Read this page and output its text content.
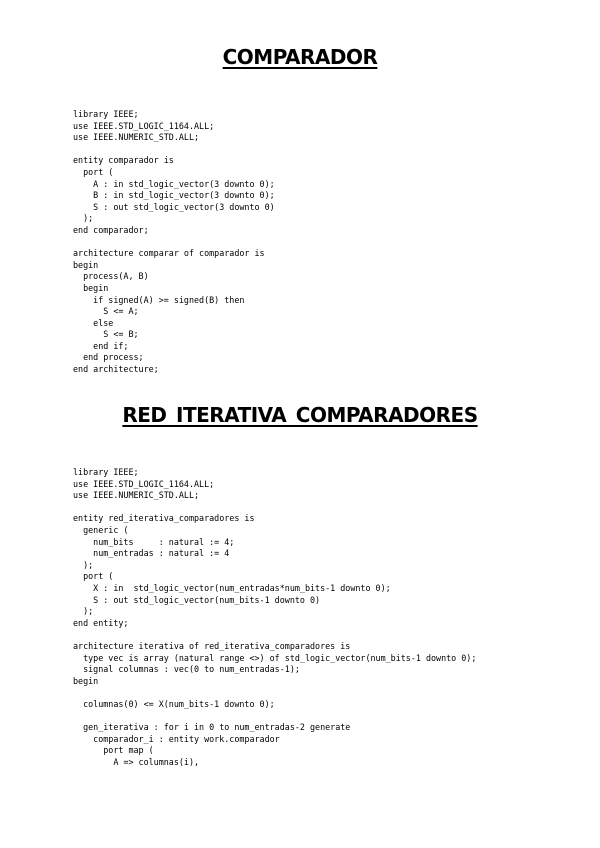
COMPARADOR
library IEEE;
use IEEE.STD_LOGIC_1164.ALL;
use IEEE.NUMERIC_STD.ALL;
entity comparador is
port (
A : in std_logic_vector(3 downto 0);
B : in std_logic_vector(3 downto 0);
S : out std_logic_vector(3 downto 0)
);
end comparador;
architecture comparar of comparador is
begin
process(A, B)
begin
if signed(A) >= signed(B) then
S <= A;
else
S <= B;
end if;
end process;
end architecture;
RED_ITERATIVA_COMPARADORES
library IEEE;
use IEEE.STD_LOGIC_1164.ALL;
use IEEE.NUMERIC_STD.ALL;
entity red_iterativa_comparadores is
generic (
num_bits     : natural := 4;
num_entradas : natural := 4
);
port (
X : in  std_logic_vector(num_entradas*num_bits-1 downto 0);
S : out std_logic_vector(num_bits-1 downto 0)
);
end entity;
architecture iterativa of red_iterativa_comparadores is
type vec is array (natural range <>) of std_logic_vector(num_bits-1 downto 0);
signal columnas : vec(0 to num_entradas-1);
begin
columnas(0) <= X(num_bits-1 downto 0);
gen_iterativa : for i in 0 to num_entradas-2 generate
comparador_i : entity work.comparador
port map (
A => columnas(i),
